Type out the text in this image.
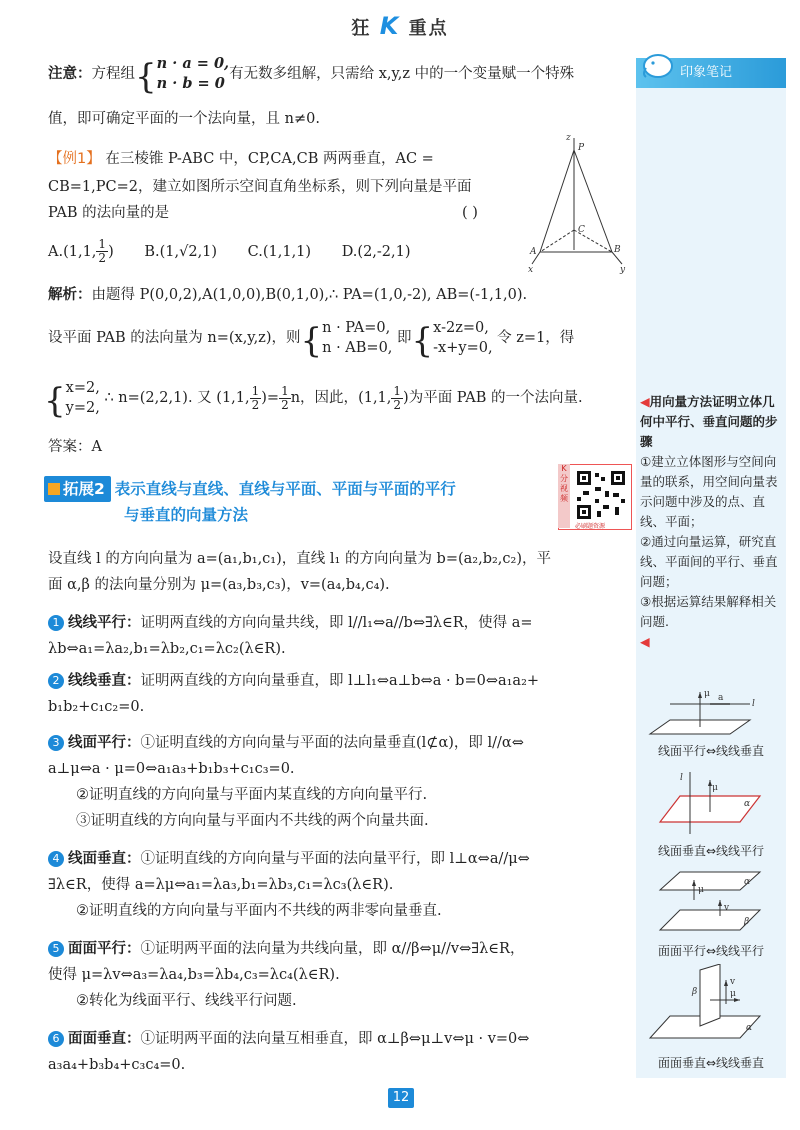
狂 K 重点
印象笔记
◀用向量方法证明立体几何中平行、垂直问题的步骤
①建立立体图形与空间向量的联系，用空间向量表示问题中涉及的点、直线、平面；
②通过向量运算，研究直线、平面间的平行、垂直问题；
③根据运算结果解释相关问题.
◀
l
μ a
线面平行⇔线线垂直
l
μ
α
线面垂直⇔线线平行
μ
v
α
β
面面平行⇔线线平行
β
v
μ
α
面面垂直⇔线线垂直
注意：方程组{n · a = 0,
n · b = 0有无数多组解，只需给 x,y,z 中的一个变量赋一个特殊
值，即可确定平面的一个法向量，且 n≠0.
【例1】 在三棱锥 P-ABC 中，CP,CA,CB 两两垂直，AC =
CB=1,PC=2，建立如图所示空间直角坐标系，则下列向量是平面
PAB 的法向量的是	( )
z
P
C
A	B
x	y
A.(1,1, $\frac{1}{2}$ ) B.(1,√2,1) C.(1,1,1) D.(2,-2,1)
解析：由题得 P(0,0,2),A(1,0,0),B(0,1,0),∴ PA=(1,0,-2), AB=(-1,1,0).
设平面 PAB 的法向量为 n=(x,y,z)，则{n · PA=0,
n · AB=0, 即{x-2z=0,
-x+y=0, 令 z=1，得
{x=2,
y=2, ∴ n=(2,2,1). 又 (1,1, $\frac{1}{2}$ )= $\frac{1}{2}$ n，因此，(1,1, $\frac{1}{2}$ )为平面 PAB 的一个法向量.
答案：A
拓展2 表示直线与直线、直线与平面、平面与平面的平行
与垂直的向量方法
必刷题资源
K分视频
设直线 l 的方向向量为 a=(a₁,b₁,c₁)，直线 l₁ 的方向向量为 b=(a₂,b₂,c₂)，平
面 α,β 的法向量分别为 μ=(a₃,b₃,c₃)，v=(a₄,b₄,c₄).
1 线线平行：证明两直线的方向向量共线，即 l//l₁⇔a//b⇔∃λ∈R，使得 a=
λb⇔a₁=λa₂,b₁=λb₂,c₁=λc₂(λ∈R).
2 线线垂直：证明两直线的方向向量垂直，即 l⊥l₁⇔a⊥b⇔a · b=0⇔a₁a₂+
b₁b₂+c₁c₂=0.
3 线面平行：①证明直线的方向向量与平面的法向量垂直(l⊄α)，即 l//α⇔
a⊥μ⇔a · μ=0⇔a₁a₃+b₁b₃+c₁c₃=0.
②证明直线的方向向量与平面内某直线的方向向量平行.
③证明直线的方向向量与平面内不共线的两个向量共面.
4 线面垂直：①证明直线的方向向量与平面的法向量平行，即 l⊥α⇔a//μ⇔
∃λ∈R，使得 a=λμ⇔a₁=λa₃,b₁=λb₃,c₁=λc₃(λ∈R).
②证明直线的方向向量与平面内不共线的两非零向量垂直.
5 面面平行：①证明两平面的法向量为共线向量，即 α//β⇔μ//v⇔∃λ∈R，
使得 μ=λv⇔a₃=λa₄,b₃=λb₄,c₃=λc₄(λ∈R).
②转化为线面平行、线线平行问题.
6 面面垂直：①证明两平面的法向量互相垂直，即 α⊥β⇔μ⊥v⇔μ · v=0⇔
a₃a₄+b₃b₄+c₃c₄=0.
12
